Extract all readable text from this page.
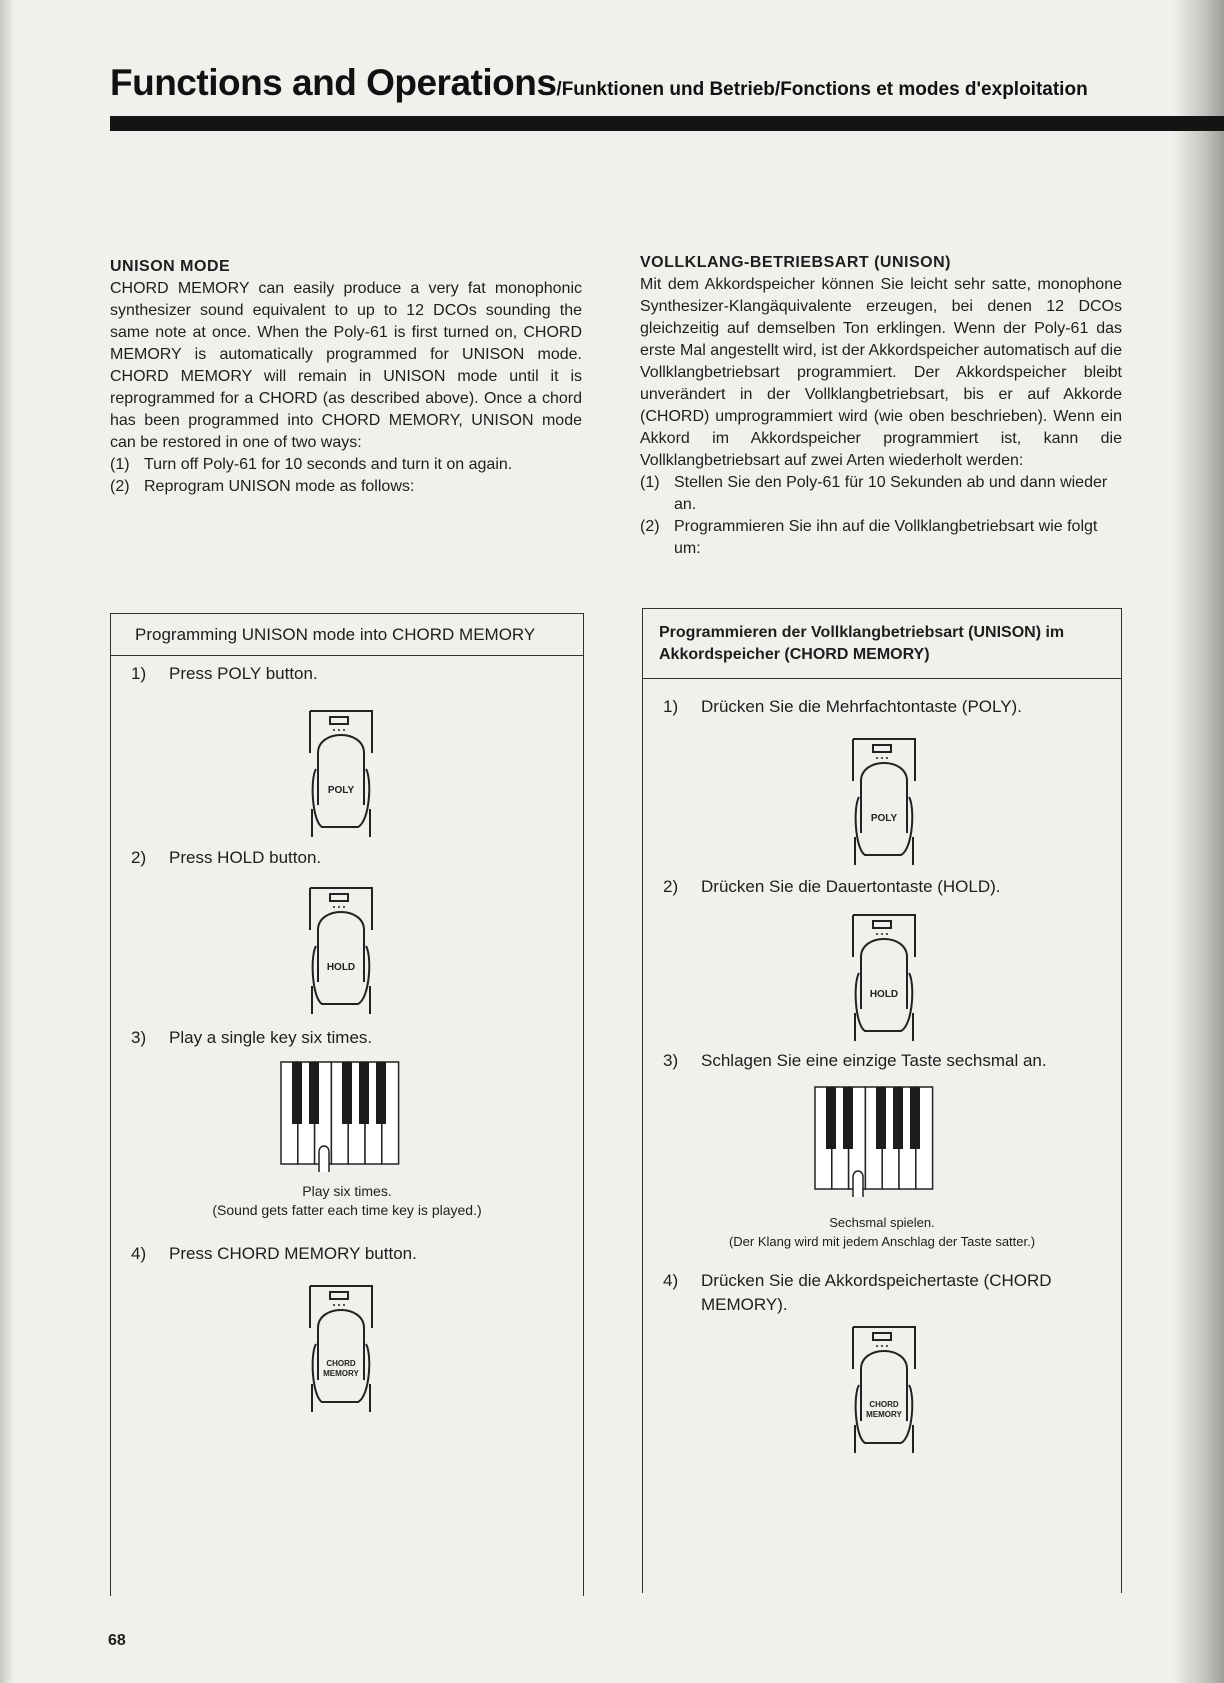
Functions and Operations/Funktionen und Betrieb/Fonctions et modes d'exploitation
UNISON MODE

CHORD MEMORY can easily produce a very fat monophonic synthesizer sound equivalent to up to 12 DCOs sounding the same note at once. When the Poly-61 is first turned on, CHORD MEMORY is automatically programmed for UNISON mode. CHORD MEMORY will remain in UNISON mode until it is reprogrammed for a CHORD (as described above). Once a chord has been programmed into CHORD MEMORY, UNISON mode can be restored in one of two ways:

(1) Turn off Poly-61 for 10 seconds and turn it on again.
(2) Reprogram UNISON mode as follows:
VOLLKLANG-BETRIEBSART (UNISON)

Mit dem Akkordspeicher können Sie leicht sehr satte, monophone Synthesizer-Klangäquivalente erzeugen, bei denen 12 DCOs gleichzeitig auf demselben Ton erklingen. Wenn der Poly-61 das erste Mal angestellt wird, ist der Akkordspeicher automatisch auf die Vollklangbetriebsart programmiert. Der Akkordspeicher bleibt unverändert in der Vollklangbetriebsart, bis er auf Akkorde (CHORD) umprogrammiert wird (wie oben beschrieben). Wenn ein Akkord im Akkordspeicher programmiert ist, kann die Vollklangbetriebsart auf zwei Arten wiederholt werden:

(1) Stellen Sie den Poly-61 für 10 Sekunden ab und dann wieder an.
(2) Programmieren Sie ihn auf die Vollklangbetriebsart wie folgt um:
Programming UNISON mode into CHORD MEMORY
1) Press POLY button.
POLY
2) Press HOLD button.
HOLD
3) Play a single key six times.
Play six times.
(Sound gets fatter each time key is played.)
4) Press CHORD MEMORY button.
CHORD
MEMORY
Programmieren der Vollklangbetriebsart (UNISON) im Akkordspeicher (CHORD MEMORY)
1) Drücken Sie die Mehrfachtontaste (POLY).
POLY
2) Drücken Sie die Dauertontaste (HOLD).
HOLD
3) Schlagen Sie eine einzige Taste sechsmal an.
Sechsmal spielen.
(Der Klang wird mit jedem Anschlag der Taste satter.)
4)	Drücken Sie die Akkordspeichertaste (CHORD MEMORY).
CHORD
MEMORY
68
